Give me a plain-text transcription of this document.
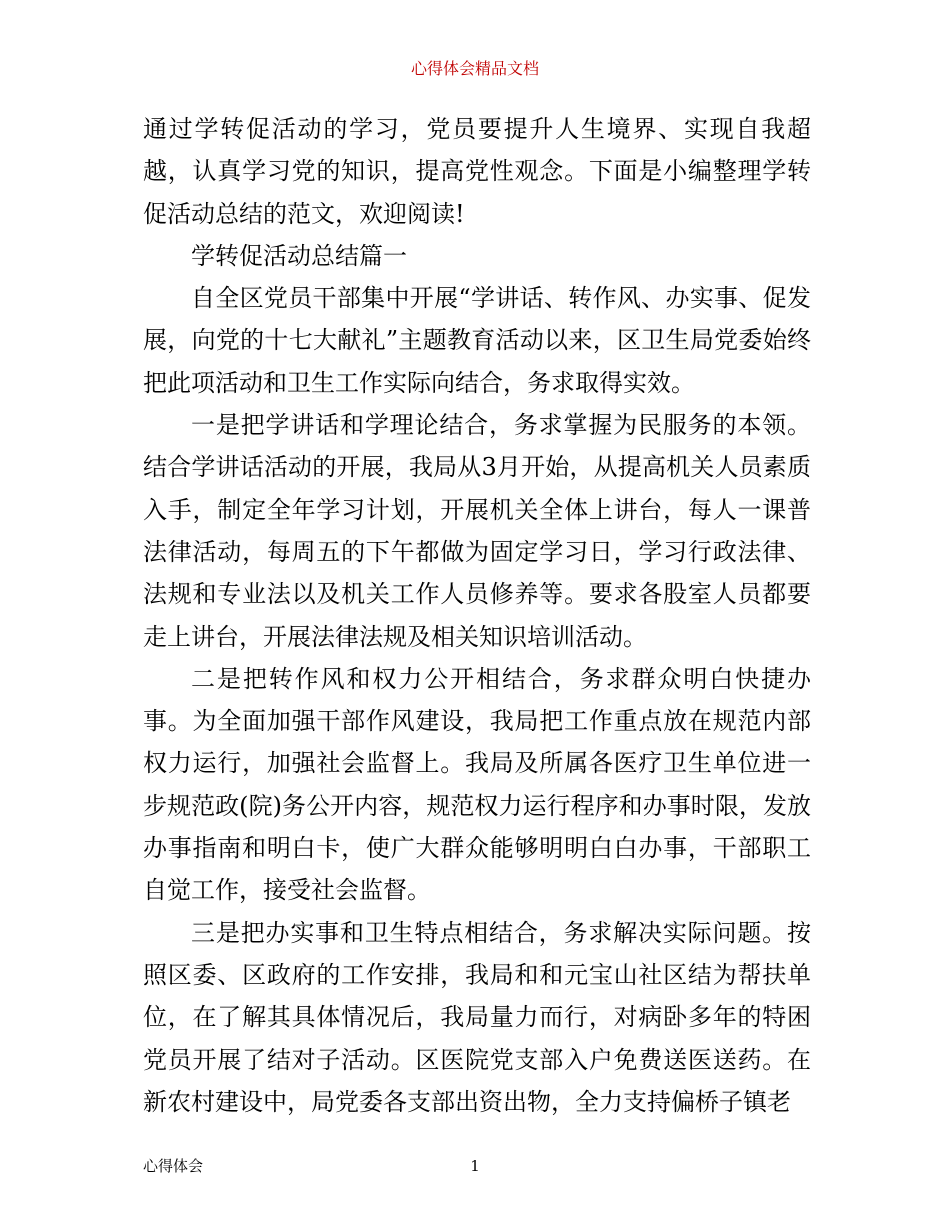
心得体会精品文档

通过学转促活动的学习，党员要提升人生境界、实现自我超越，认真学习党的知识，提高党性观念。下面是小编整理学转促活动总结的范文，欢迎阅读!

学转促活动总结篇一

自全区党员干部集中开展“学讲话、转作风、办实事、促发展，向党的十七大献礼”主题教育活动以来，区卫生局党委始终把此项活动和卫生工作实际向结合，务求取得实效。

一是把学讲话和学理论结合，务求掌握为民服务的本领。结合学讲话活动的开展，我局从3月开始，从提高机关人员素质入手，制定全年学习计划，开展机关全体上讲台，每人一课普法律活动，每周五的下午都做为固定学习日，学习行政法律、法规和专业法以及机关工作人员修养等。要求各股室人员都要走上讲台，开展法律法规及相关知识培训活动。

二是把转作风和权力公开相结合，务求群众明白快捷办事。为全面加强干部作风建设，我局把工作重点放在规范内部权力运行，加强社会监督上。我局及所属各医疗卫生单位进一步规范政(院)务公开内容，规范权力运行程序和办事时限，发放办事指南和明白卡，使广大群众能够明明白白办事，干部职工自觉工作，接受社会监督。

三是把办实事和卫生特点相结合，务求解决实际问题。按照区委、区政府的工作安排，我局和和元宝山社区结为帮扶单位，在了解其具体情况后，我局量力而行，对病卧多年的特困党员开展了结对子活动。区医院党支部入户免费送医送药。在新农村建设中，局党委各支部出资出物，全力支持偏桥子镇老

心得体会	1
